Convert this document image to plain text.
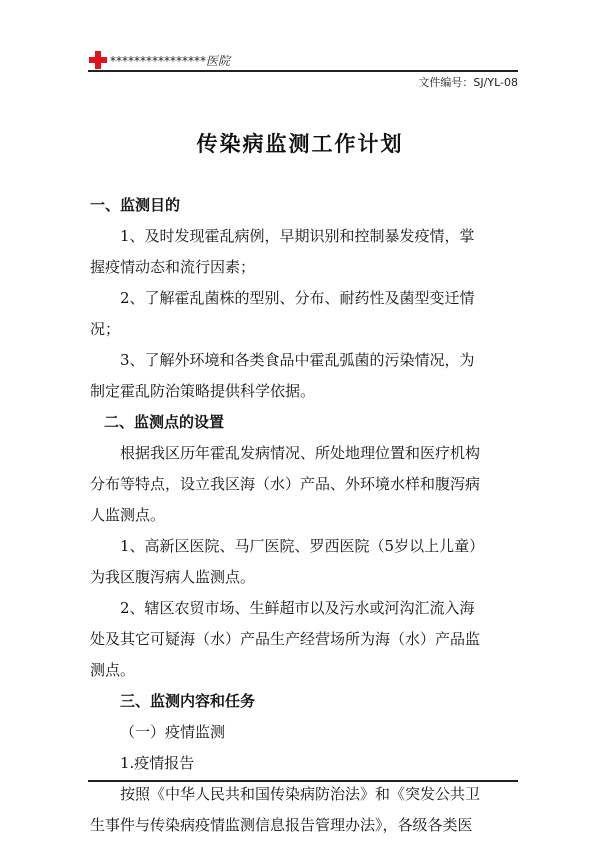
****************医院
文件编号：SJ/YL-08
传染病监测工作计划
一、监测目的
1、及时发现霍乱病例，早期识别和控制暴发疫情，掌
握疫情动态和流行因素；
2、了解霍乱菌株的型别、分布、耐药性及菌型变迁情
况；
3、了解外环境和各类食品中霍乱弧菌的污染情况，为
制定霍乱防治策略提供科学依据。
二、监测点的设置
根据我区历年霍乱发病情况、所处地理位置和医疗机构
分布等特点，设立我区海（水）产品、外环境水样和腹泻病
人监测点。
1、高新区医院、马厂医院、罗西医院（5岁以上儿童）
为我区腹泻病人监测点。
2、辖区农贸市场、生鲜超市以及污水或河沟汇流入海
处及其它可疑海（水）产品生产经营场所为海（水）产品监
测点。
三、监测内容和任务
（一）疫情监测
1.疫情报告
按照《中华人民共和国传染病防治法》和《突发公共卫
生事件与传染病疫情监测信息报告管理办法》，各级各类医
